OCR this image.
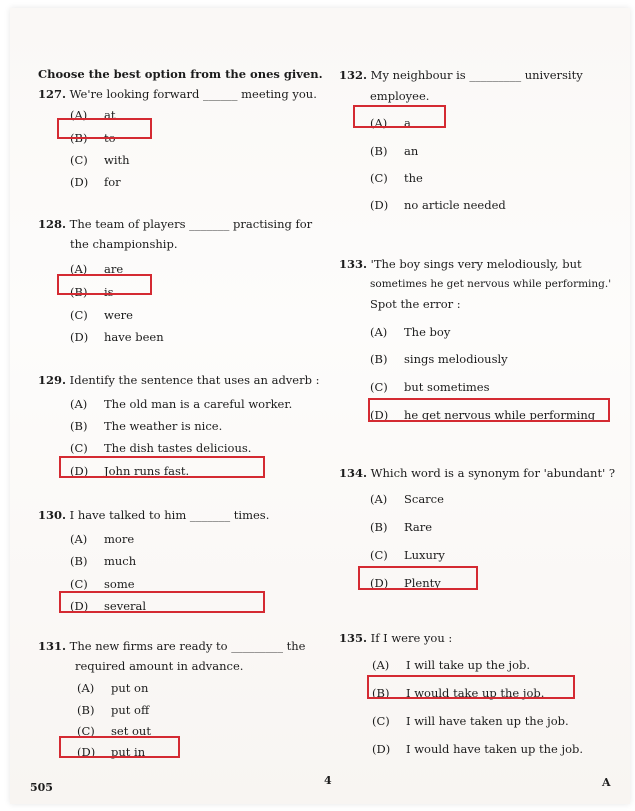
Choose the best option from the ones given.
127. We're looking forward ______ meeting you.
(A) at
(B) to
(C) with
(D) for
128. The team of players _______ practising for
the championship.
(A) are
(B) is
(C) were
(D) have been
129. Identify the sentence that uses an adverb :
(A) The old man is a careful worker.
(B) The weather is nice.
(C) The dish tastes delicious.
(D) John runs fast.
130. I have talked to him _______ times.
(A) more
(B) much
(C) some
(D) several
131. The new firms are ready to _________ the
required amount in advance.
(A) put on
(B) put off
(C) set out
(D) put in
132. My neighbour is _________ university
employee.
(A) a
(B) an
(C) the
(D) no article needed
133. 'The boy sings very melodiously, but
sometimes he get nervous while performing.'
Spot the error :
(A) The boy
(B) sings melodiously
(C) but sometimes
(D) he get nervous while performing
134. Which word is a synonym for 'abundant' ?
(A) Scarce
(B) Rare
(C) Luxury
(D) Plenty
135. If I were you :
(A) I will take up the job.
(B) I would take up the job.
(C) I will have taken up the job.
(D) I would have taken up the job.
505
4	A
